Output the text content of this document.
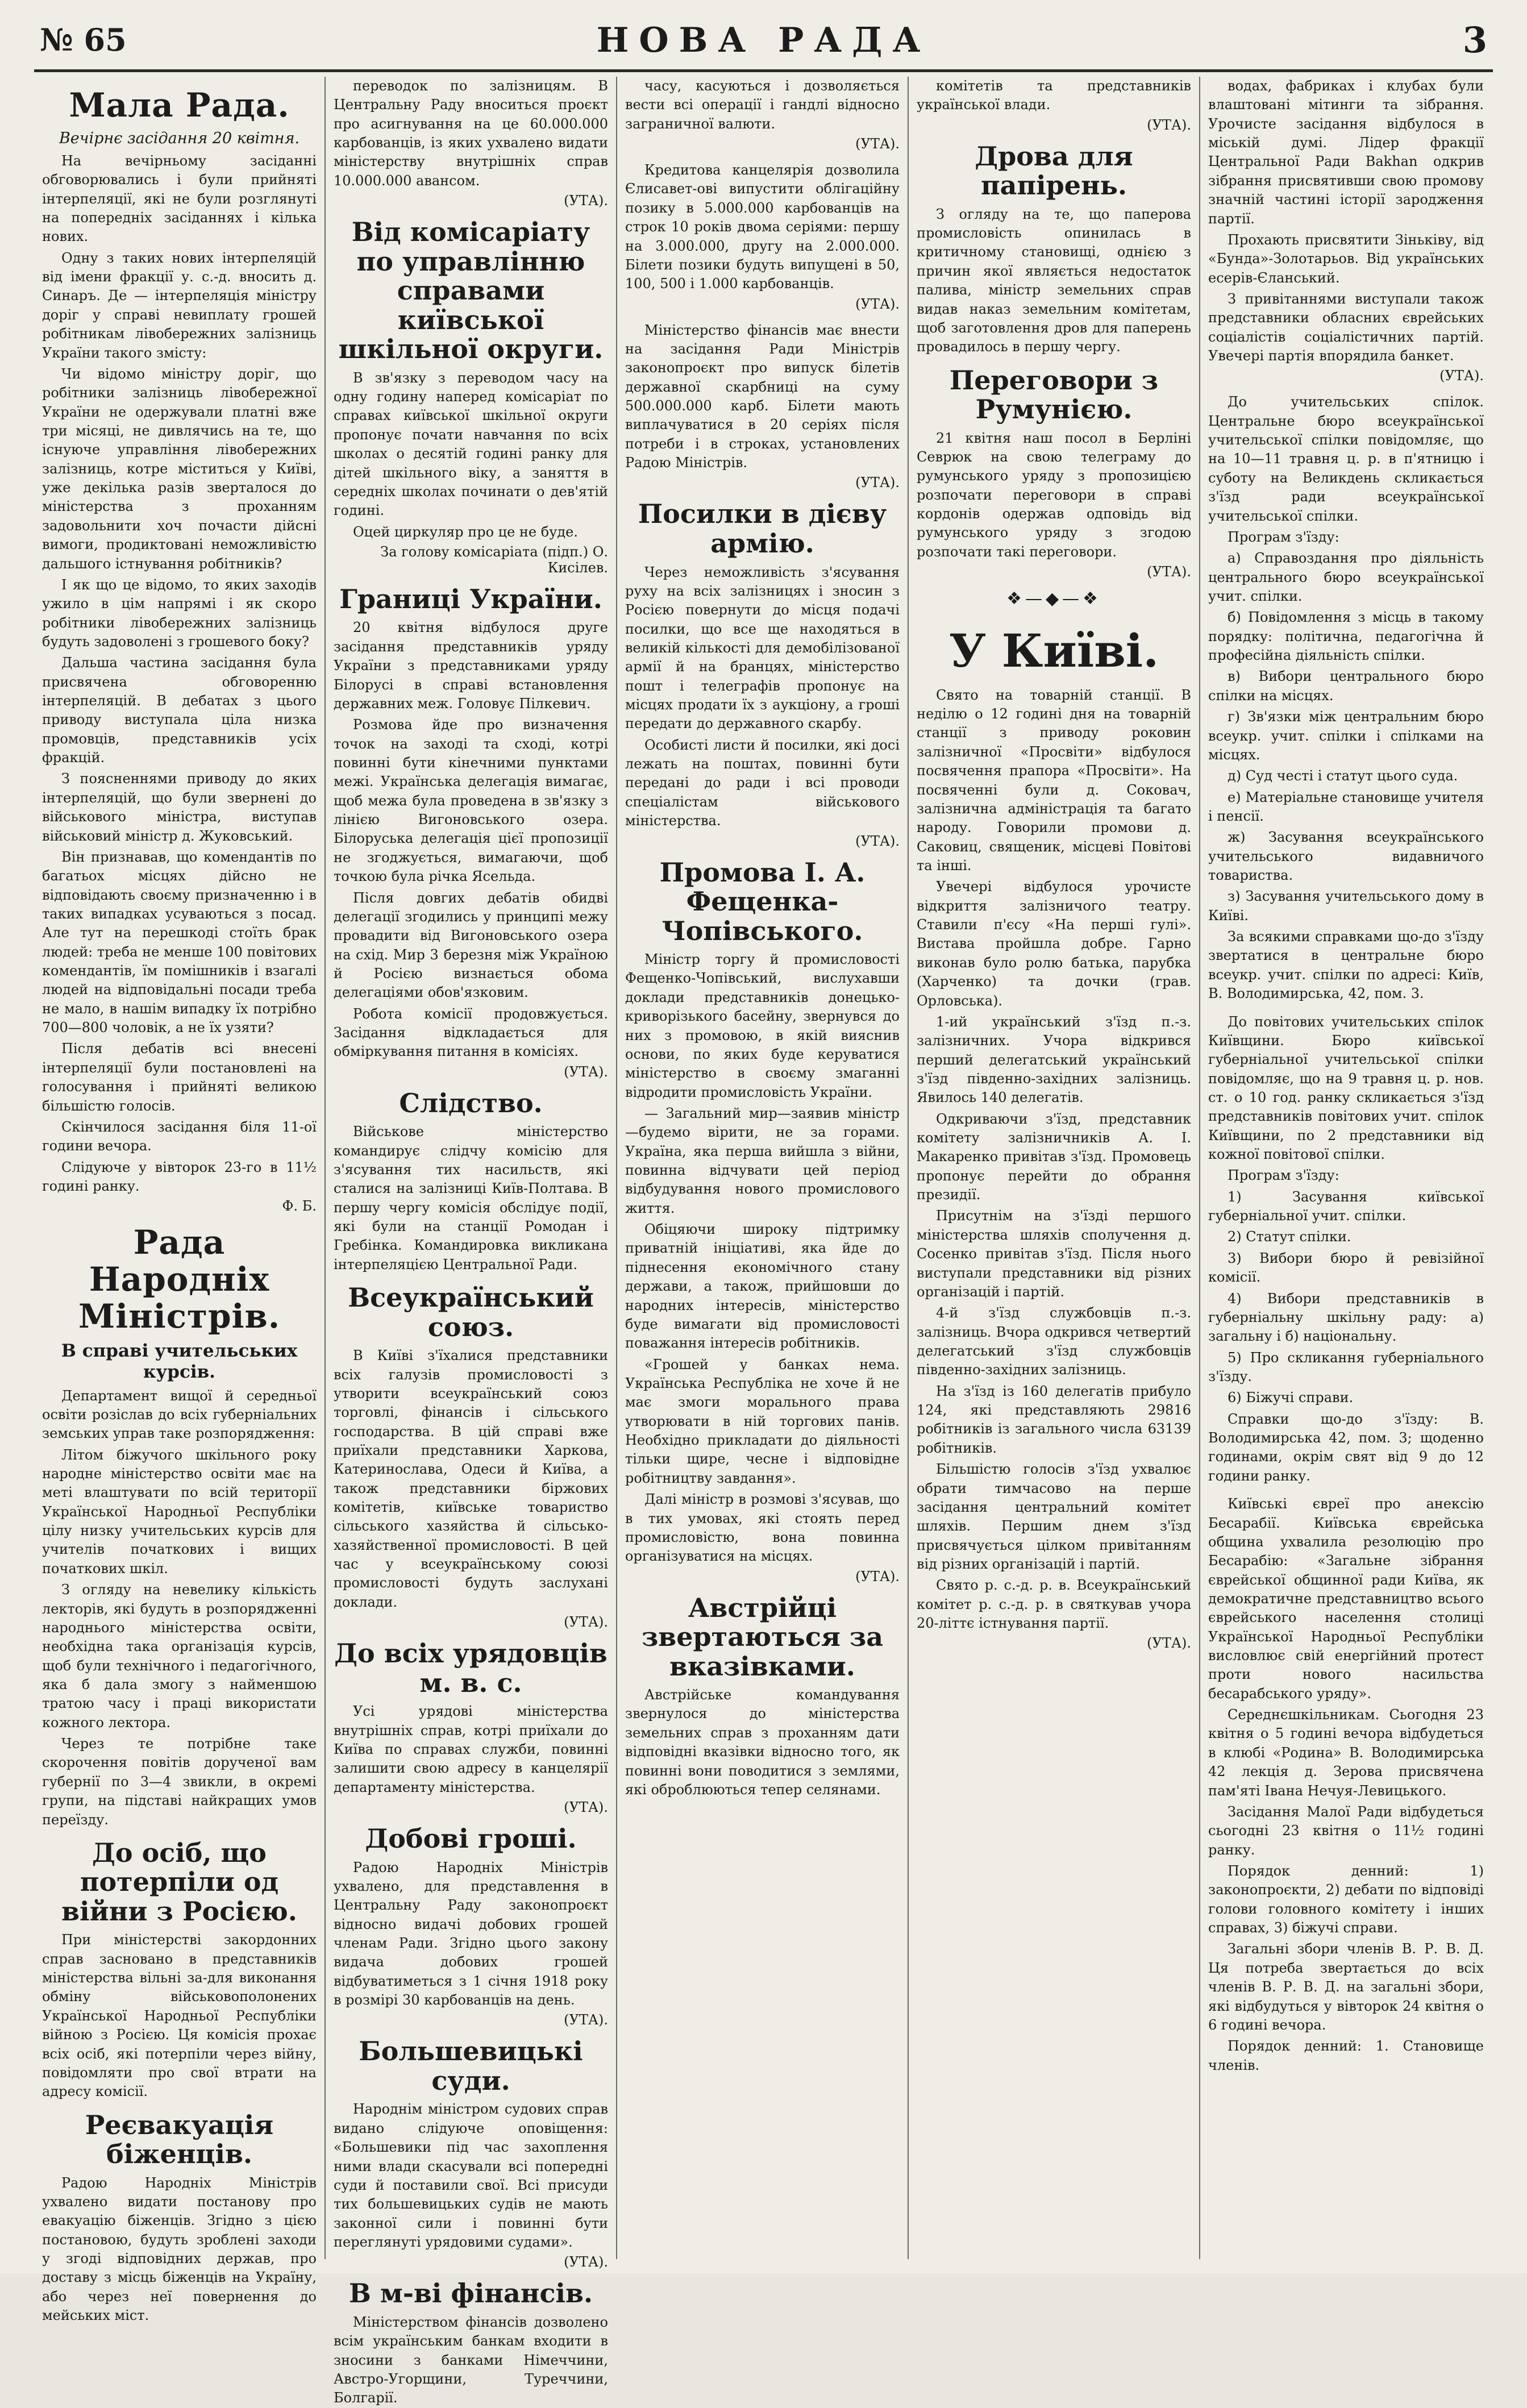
№ 65	НОВА РАДА	3
Мала Рада.
Вечірнє засідання 20 квітня.

На вечірньому засіданні обговорювались і були прийняті інтерпеляції, які не були розглянуті на попередніх засіданнях і кілька нових.

Одну з таких нових інтерпеляцій від імени фракції у. с.-д. вносить д. Синаръ. Де — інтерпеляція міністру доріг у справі невиплату грошей робітникам лівобережних залізниць України такого змісту:

Чи відомо міністру доріг, що робітники залізниць лівобережної України не одержували платні вже три місяці, не дивлячись на те, що існуюче управління лівобережних залізниць, котре міститься у Київі, уже декілька разів зверталося до міністерства з проханням задовольнити хоч почасти дійсні вимоги, продиктовані неможливістю дальшого істнування робітників?

І як що це відомо, то яких заходів ужило в цім напрямі і як скоро робітники лівобережних залізниць будуть задоволені з грошевого боку?

Дальша частина засідання була присвячена обговоренню інтерпеляцій. В дебатах з цього приводу виступала ціла низка промовців, представників усіх фракцій.

З поясненнями приводу до яких інтерпеляцій, що були звернені до військового міністра, виступав військовий міністр д. Жуковський.

Він признавав, що комендантів по багатьох місцях дійсно не відповідають своєму призначенню і в таких випадках усуваються з посад. Але тут на перешкоді стоїть брак людей: треба не менше 100 повітових комендантів, їм помішників і взагалі людей на відповідальні посади треба не мало, в нашім випадку їх потрібно 700—800 чоловік, а не їх узяти?

Після дебатів всі внесені інтерпеляції були постановлені на голосування і прийняті великою більшістю голосів.

Скінчилося засідання біля 11-ої години вечора.

Слідуюче у вівторок 23-го в 11½ годині ранку.

Ф. Б.
Рада Народніх Міністрів.
В справі учительських курсів.

Департамент вищої й середньої освіти розіслав до всіх губерніальних земських управ таке розпорядження:

Літом біжучого шкільного року народне міністерство освіти має на меті влаштувати по всій території Української Народньої Республіки цілу низку учительських курсів для учителів початкових і вищих початкових шкіл.

З огляду на невелику кількість лекторів, які будуть в розпорядженні народнього міністерства освіти, необхідна така організація курсів, щоб були технічного і педагогічного, яка б дала змогу з найменшою тратою часу і праці використати кожного лектора.

Через те потрібне таке скорочення повітів дорученої вам губернії по 3—4 звикли, в окремі групи, на підставі найкращих умов переїзду.

До осіб, що потерпіли од війни з Росією.

При міністерстві закордонних справ засновано в представників міністерства вільні за-для виконання обміну військовополонених Української Народньої Республіки війною з Росією. Ця комісія прохає всіх осіб, які потерпіли через війну, повідомляти про свої втрати на адресу комісії.

Реєвакуація біженців.

Радою Народніх Міністрів ухвалено видати постанову про евакуацію біженців. Згідно з цією постановою, будуть зроблені заходи у згоді відповідних держав, про доставу з місць біженців на Україну, або через неї повернення до мейських міст.

переводок по залізницям. В Центральну Раду вноситься проєкт про асигнування на це 60.000.000 карбованців, із яких ухвалено видати міністерству внутрішніх справ 10.000.000 авансом.

(УТА).
Від комісаріату по управлінню справами київської шкільної округи.

В зв'язку з переводом часу на одну годину наперед комісаріат по справах київської шкільної округи пропонує почати навчання по всіх школах о десятій годині ранку для дітей шкільного віку, а заняття в середніх школах починати о дев'ятій годині.

Оцей циркуляр про це не буде.

За голову комісаріата (підп.) О. Кисілев.
Границі України.

20 квітня відбулося друге засідання представників уряду України з представниками уряду Білорусі в справі встановлення державних меж. Головує Пілкевич.

Розмова йде про визначення точок на заході та сході, котрі повинні бути кінечними пунктами межі. Українська делегація вимагає, щоб межа була проведена в зв'язку з лінією Вигоновського озера. Білоруська делегація цієї пропозиції не згоджується, вимагаючи, щоб точкою була річка Ясельда.

Після довгих дебатів обидві делегації згодились у принципі межу провадити від Вигоновського озера на схід. Мир 3 березня між Україною й Росією визнається обома делегаціями обов'язковим.

Робота комісії продовжується. Засідання відкладається для обміркування питання в комісіях.

(УТА).
Слідство.

Військове міністерство командирує слідчу комісію для з'ясування тих насильств, які сталися на залізниці Київ-Полтава. В першу чергу комісія обслідує події, які були на станції Ромодан і Гребінка. Командировка викликана інтерпеляцією Центральної Ради.

Всеукраїнський союз.

В Київі з'їхалися представники всіх галузів промисловості з утворити всеукраїнський союз торговлі, фінансів і сільського господарства. В цій справі вже приїхали представники Харкова, Катеринослава, Одеси й Київа, а також представники біржових комітетів, київське товариство сільського хазяйства й сільсько-хазяйственної промисловості. В цей час у всеукраїнському союзі промисловості будуть заслухані доклади.

(УТА).
До всіх урядовців м. в. с.

Усі урядові міністерства внутрішніх справ, котрі приїхали до Київа по справах служби, повинні залишити свою адресу в канцелярії департаменту міністерства.

(УТА).
Добові гроші.

Радою Народніх Міністрів ухвалено, для представлення в Центральну Раду законопроєкт відносно видачі добових грошей членам Ради. Згідно цього закону видача добових грошей відбуватиметься з 1 січня 1918 року в розмірі 30 карбованців на день.

(УТА).
Большевицькі суди.

Народнім міністром судових справ видано слідуюче оповіщення: «Большевики під час захоплення ними влади скасували всі попередні суди й поставили свої. Всі присуди тих большевицьких судів не мають законної сили і повинні бути переглянуті урядовими судами».

(УТА).
В м-ві фінансів.

Міністерством фінансів дозволено всім українським банкам входити в зносини з банками Німеччини, Австро-Угорщини, Туреччини, Болгарії.

часу, касуються і дозволяється вести всі операції і гандлі відносно заграничної валюти.

(УТА).

Кредитова канцелярія дозволила Єлисавет-ові випустити облігаційну позику в 5.000.000 карбованців на строк 10 років двома серіями: першу на 3.000.000, другу на 2.000.000. Білети позики будуть випущені в 50, 100, 500 і 1.000 карбованців.

(УТА).

Міністерство фінансів має внести на засідання Ради Міністрів законопроєкт про випуск білетів державної скарбниці на суму 500.000.000 карб. Білети мають виплачуватися в 20 серіях після потреби і в строках, установлених Радою Міністрів.

(УТА).
Посилки в дієву армію.

Через неможливість з'ясування руху на всіх залізницях і зносин з Росією повернути до місця подачі посилки, що все ще находяться в великій кількості для демобілізованої армії й на бранцях, міністерство пошт і телеграфів пропонує на місцях продати їх з аукціону, а гроші передати до державного скарбу.

Особисті листи й посилки, які досі лежать на поштах, повинні бути передані до ради і всі проводи спеціалістам військового міністерства.

(УТА).
Промова І. А. Фещенка-Чопівського.

Міністр торгу й промисловості Фещенко-Чопівський, вислухавши доклади представників донецько-криворізького басейну, звернувся до них з промовою, в якій вияснив основи, по яких буде керуватися міністерство в своєму змаганні відродити промисловість України.

— Загальний мир—заявив міністр —будемо вірити, не за горами. Україна, яка перша вийшла з війни, повинна відчувати цей період відбудування нового промислового життя.

Обіцяючи широку підтримку приватній ініціативі, яка йде до піднесення економічного стану держави, а також, прийшовши до народних інтересів, міністерство буде вимагати від промисловості поважання інтересів робітників.

«Грошей у банках нема. Українська Республіка не хоче й не має змоги морального права утворювати в ній торгових панів. Необхідно прикладати до діяльності тільки щире, чесне і відповідне робітництву завдання».

Далі міністр в розмові з'ясував, що в тих умовах, які стоять перед промисловістю, вона повинна організуватися на місцях.

(УТА).
Австрійці звертаються за вказівками.

Австрійське командування звернулося до міністерства земельних справ з проханням дати відповідні вказівки відносно того, як повинні вони поводитися з землями, які оброблюються тепер селянами.

комітетів та представників української влади.

(УТА).
Дрова для папірень.

З огляду на те, що паперова промисловість опинилась в критичному становищі, однією з причин якої являється недостаток палива, міністр земельних справ видав наказ земельним комітетам, щоб заготовлення дров для паперень провадилось в першу чергу.

Переговори з Румунією.

21 квітня наш посол в Берліні Севрюк на свою телеграму до румунського уряду з пропозицією розпочати переговори в справі кордонів одержав одповідь від румунського уряду з згодою розпочати такі переговори.

(УТА).
❖—◆—❖
У Київі.

Свято на товарній станції. В неділю о 12 годині дня на товарній станції з приводу роковин залізничної «Просвіти» відбулося посвячення прапора «Просвіти». На посвяченні були д. Соковач, залізнична адміністрація та багато народу. Говорили промови д. Саковиц, священик, місцеві Повітові та інші.

Увечері відбулося урочисте відкриття залізничого театру. Ставили п'єсу «На перші гулі». Вистава пройшла добре. Гарно виконав було ролю батька, парубка (Харченко) та дочки (грав. Орловська).

1-ий український з'їзд п.-з. залізничних. Учора відкрився перший делегатський український з'їзд південно-західних залізниць. Явилось 140 делегатів.

Одкриваючи з'їзд, представник комітету залізничників А. І. Макаренко привітав з'їзд. Промовець пропонує перейти до обрання президії.

Присутнім на з'їзді першого міністерства шляхів сполучення д. Сосенко привітав з'їзд. Після нього виступали представники від різних організацій і партій.

4-й з'їзд службовців п.-з. залізниць. Вчора одкрився четвертий делегатський з'їзд службовців південно-західних залізниць.

На з'їзд із 160 делегатів прибуло 124, які представляють 29816 робітників із загального числа 63139 робітників.

Більшістю голосів з'їзд ухвалює обрати тимчасово на перше засідання центральний комітет шляхів. Першим днем з'їзд присвячується цілком привітанням від різних організацій і партій.

Свято р. с.-д. р. в. Всеукраїнський комітет р. с.-д. р. в святкував учора 20-літтє істнування партії.

(УТА).

водах, фабриках і клубах були влаштовані мітинги та зібрання. Урочисте засідання відбулося в міській думі. Лідер фракції Центральної Ради Ваkhan одкрив зібрання присвятивши свою промову значній частині історії зародження партії.

Прохають присвятити Зіньківу, від «Бунда»-Золотарьов. Від українських есерів-Єланський.

З привітаннями виступали також представники обласних єврейських соціалістів соціалістичних партій. Увечері партія впорядила банкет.

(УТА).

До учительських спілок. Центральне бюро всеукраїнської учительської спілки повідомляє, що на 10—11 травня ц. р. в п'ятницю і суботу на Великдень скликається з'їзд ради всеукраїнської учительської спілки.

Програм з'їзду:

а) Справоздання про діяльність центрального бюро всеукраїнської учит. спілки.

б) Повідомлення з місць в такому порядку: політична, педагогічна й професійна діяльність спілки.

в) Вибори центрального бюро спілки на місцях.

г) Зв'язки між центральним бюро всеукр. учит. спілки і спілками на місцях.

д) Суд честі і статут цього суда.

е) Матеріальне становище учителя і пенсії.

ж) Засування всеукраїнського учительського видавничого товариства.

з) Засування учительського дому в Київі.

За всякими справками що-до з'їзду звертатися в центральне бюро всеукр. учит. спілки по адресі: Київ, В. Володимирська, 42, пом. 3.

До повітових учительських спілок Київщини. Бюро київської губерніальної учительської спілки повідомляє, що на 9 травня ц. р. нов. ст. о 10 год. ранку скликається з'їзд представників повітових учит. спілок Київщини, по 2 представники від кожної повітової спілки.

Програм з'їзду:

1) Засування київської губерніальної учит. спілки.

2) Статут спілки.

3) Вибори бюро й ревізійної комісії.

4) Вибори представників в губерніальну шкільну раду: а) загальну і б) національну.

5) Про скликання губерніального з'їзду.

6) Біжучі справи.

Справки що-до з'їзду: В. Володимирська 42, пом. 3; щоденно годинами, окрім свят від 9 до 12 години ранку.

Київські євреї про анексію Бесарабії. Київська єврейська община ухвалила резолюцію про Бесарабію: «Загальне зібрання єврейської общинної ради Київа, як демократичне представництво всього єврейського населення столиці Української Народньої Республіки висловлює свій енергійний протест проти нового насильства бесарабського уряду».

Середнєшкільникам. Сьогодня 23 квітня о 5 годині вечора відбудеться в клюбі «Родина» В. Володимирська 42 лекція д. Зерова присвячена пам'яті Івана Нечуя-Левицького.

Засідання Малої Ради відбудеться сьогодні 23 квітня о 11½ годині ранку.

Порядок денний: 1) законопроєкти, 2) дебати по відповіді голови головного комітету і інших справах, 3) біжучі справи.

Загальні збори членів В. Р. В. Д. Ця потреба звертається до всіх членів В. Р. В. Д. на загальні збори, які відбудуться у вівторок 24 квітня о 6 годині вечора.

Порядок денний: 1. Становище членів.
